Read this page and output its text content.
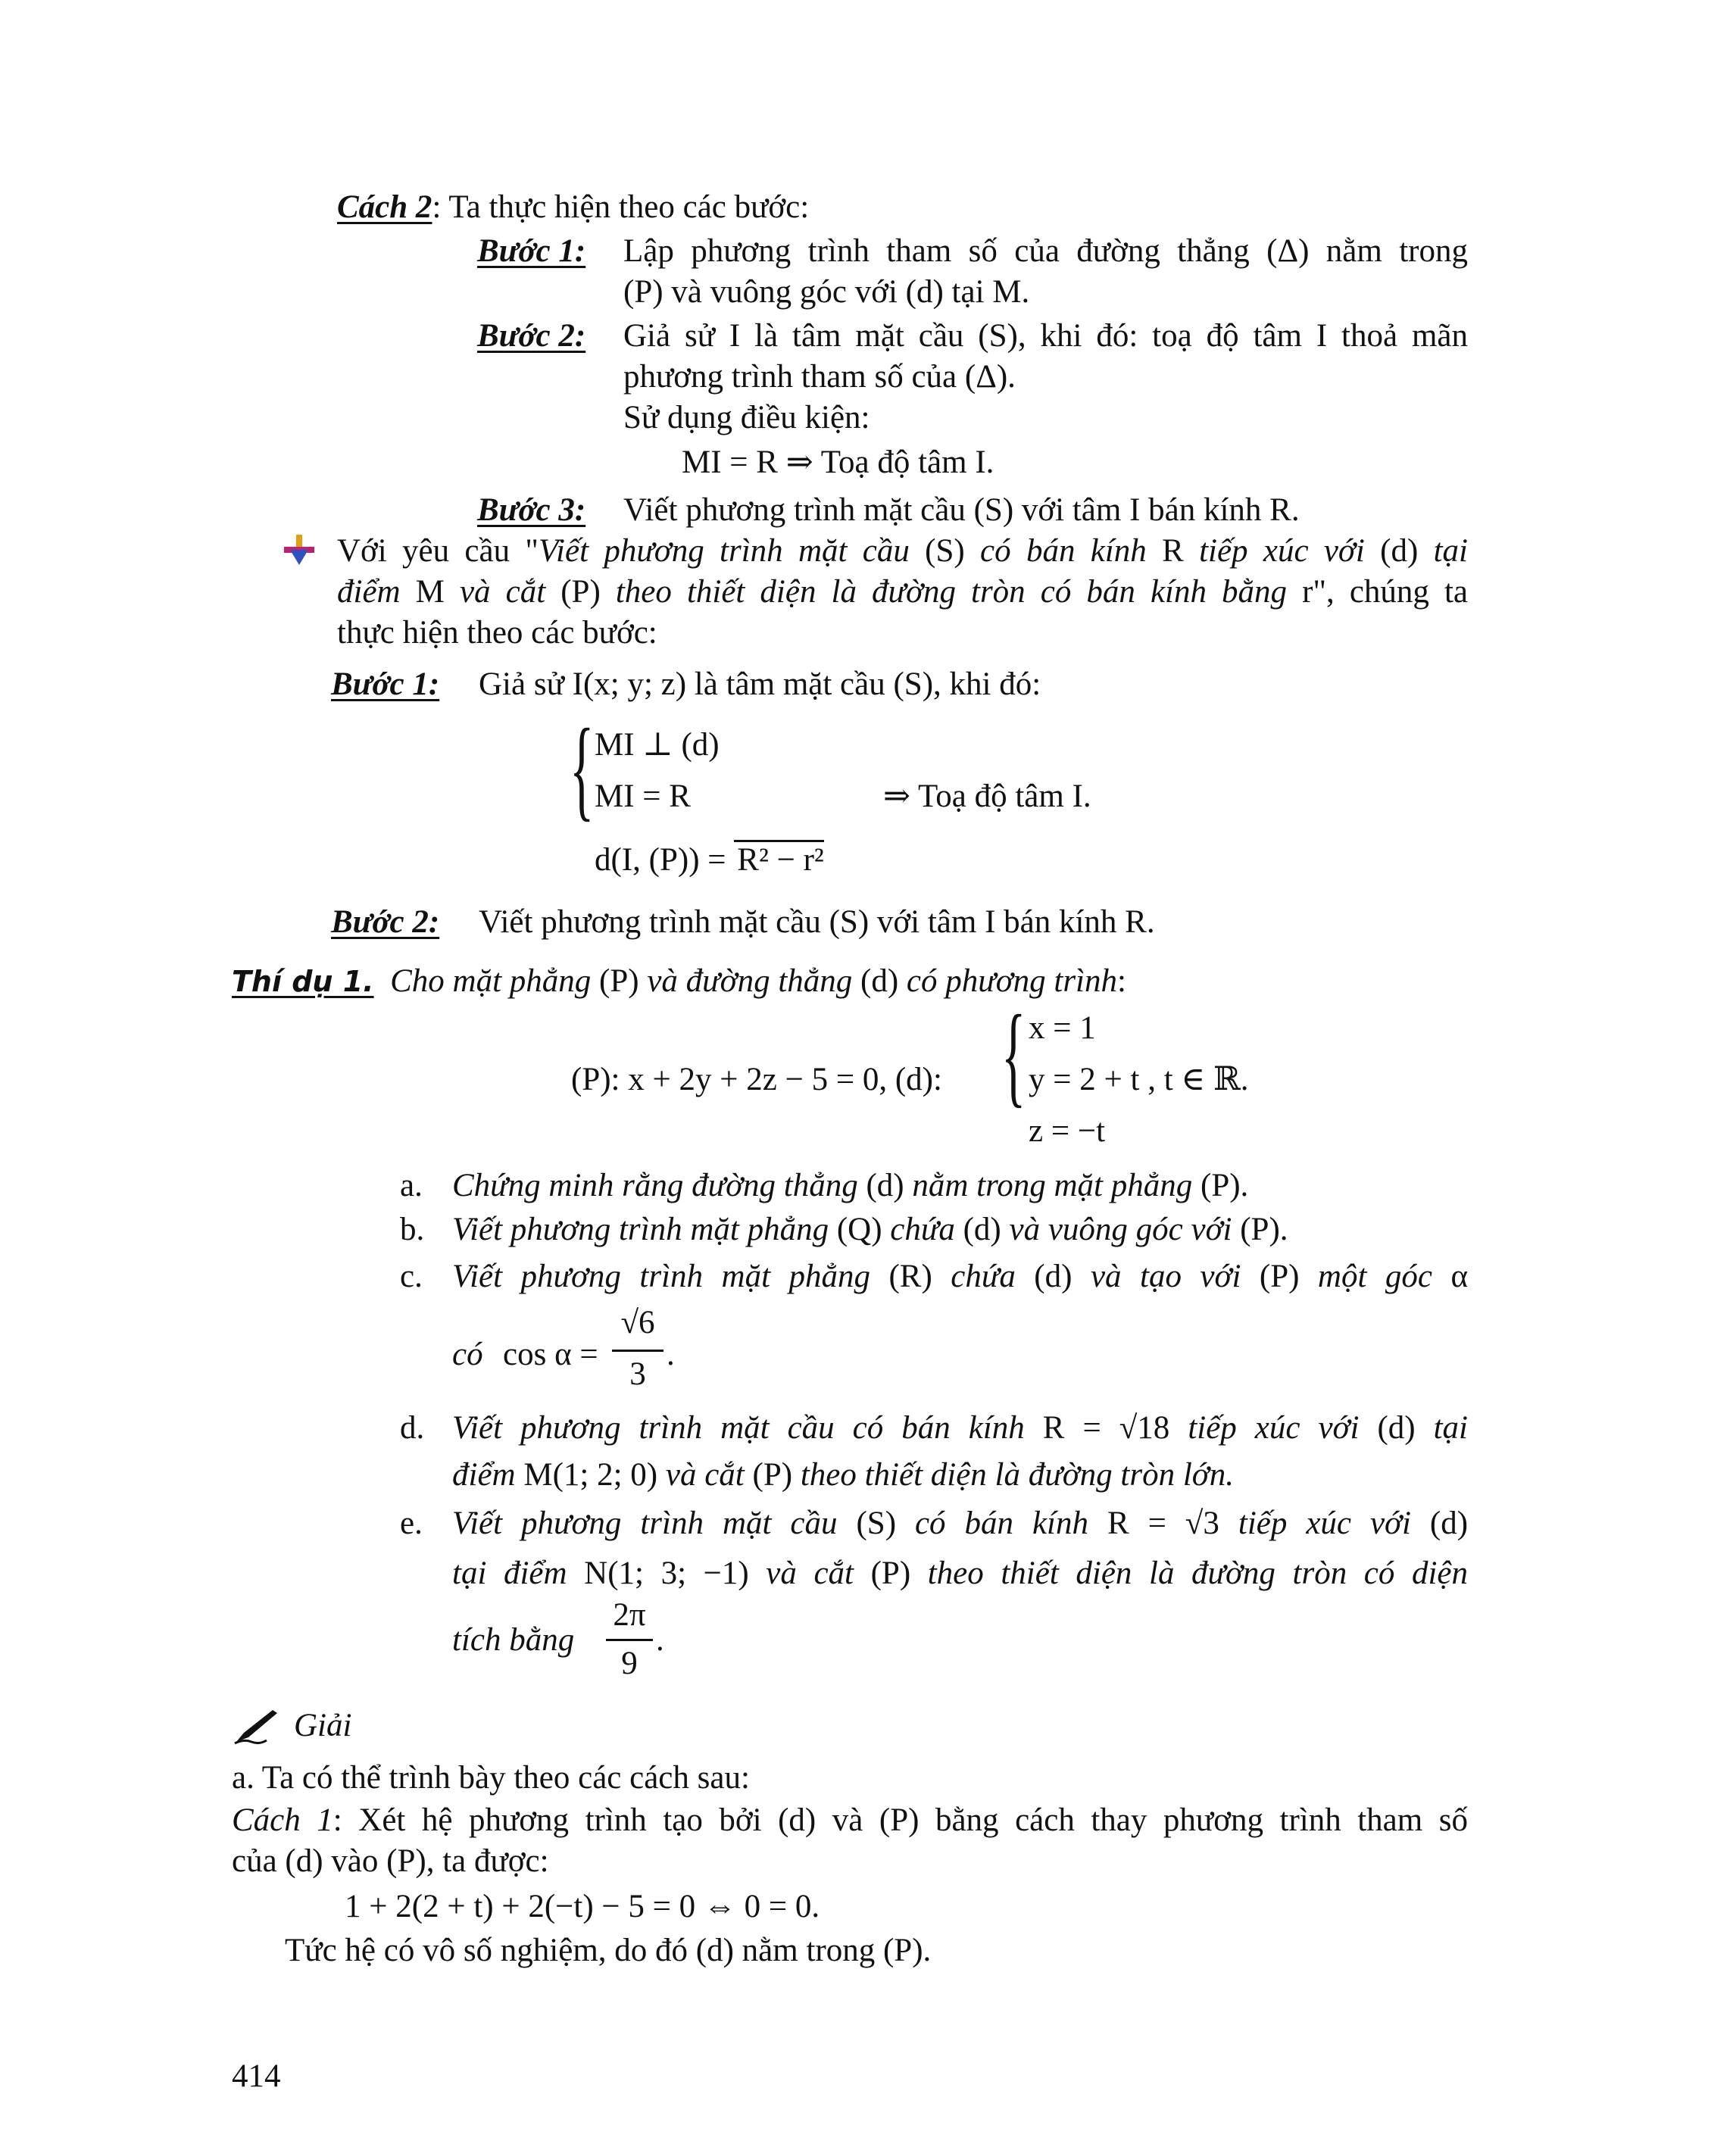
Cách 2: Ta thực hiện theo các bước:
Bước 1: Lập phương trình tham số của đường thẳng (Δ) nằm trong
(P) và vuông góc với (d) tại M.
Bước 2: Giả sử I là tâm mặt cầu (S), khi đó: toạ độ tâm I thoả mãn
phương trình tham số của (Δ).
Sử dụng điều kiện:
MI = R ⇒ Toạ độ tâm I.
Bước 3: Viết phương trình mặt cầu (S) với tâm I bán kính R.
Với yêu cầu "Viết phương trình mặt cầu (S) có bán kính R tiếp xúc với (d) tại
điểm M và cắt (P) theo thiết diện là đường tròn có bán kính bằng r", chúng ta
thực hiện theo các bước:
Bước 1: Giả sử I(x; y; z) là tâm mặt cầu (S), khi đó:
{ MI ⊥ (d)
MI = R
d(I, (P)) = R² − r²
⇒ Toạ độ tâm I.
Bước 2: Viết phương trình mặt cầu (S) với tâm I bán kính R.
Thí dụ 1. Cho mặt phẳng (P) và đường thẳng (d) có phương trình:
(P): x + 2y + 2z − 5 = 0, (d): { x = 1
y = 2 + t , t ∈ ℝ.
z = −t
a. Chứng minh rằng đường thẳng (d) nằm trong mặt phẳng (P).
b. Viết phương trình mặt phẳng (Q) chứa (d) và vuông góc với (P).
c. Viết phương trình mặt phẳng (R) chứa (d) và tạo với (P) một góc α
có cos α =
√6
3
.
d. Viết phương trình mặt cầu có bán kính R = √18 tiếp xúc với (d) tại
điểm M(1; 2; 0) và cắt (P) theo thiết diện là đường tròn lớn.
e. Viết phương trình mặt cầu (S) có bán kính R = √3 tiếp xúc với (d)
tại điểm N(1; 3; −1) và cắt (P) theo thiết diện là đường tròn có diện
tích bằng
2π
9
.
Giải
a. Ta có thể trình bày theo các cách sau:
Cách 1: Xét hệ phương trình tạo bởi (d) và (P) bằng cách thay phương trình tham số
của (d) vào (P), ta được:
1 + 2(2 + t) + 2(−t) − 5 = 0 ⇔ 0 = 0.
Tức hệ có vô số nghiệm, do đó (d) nằm trong (P).
414
